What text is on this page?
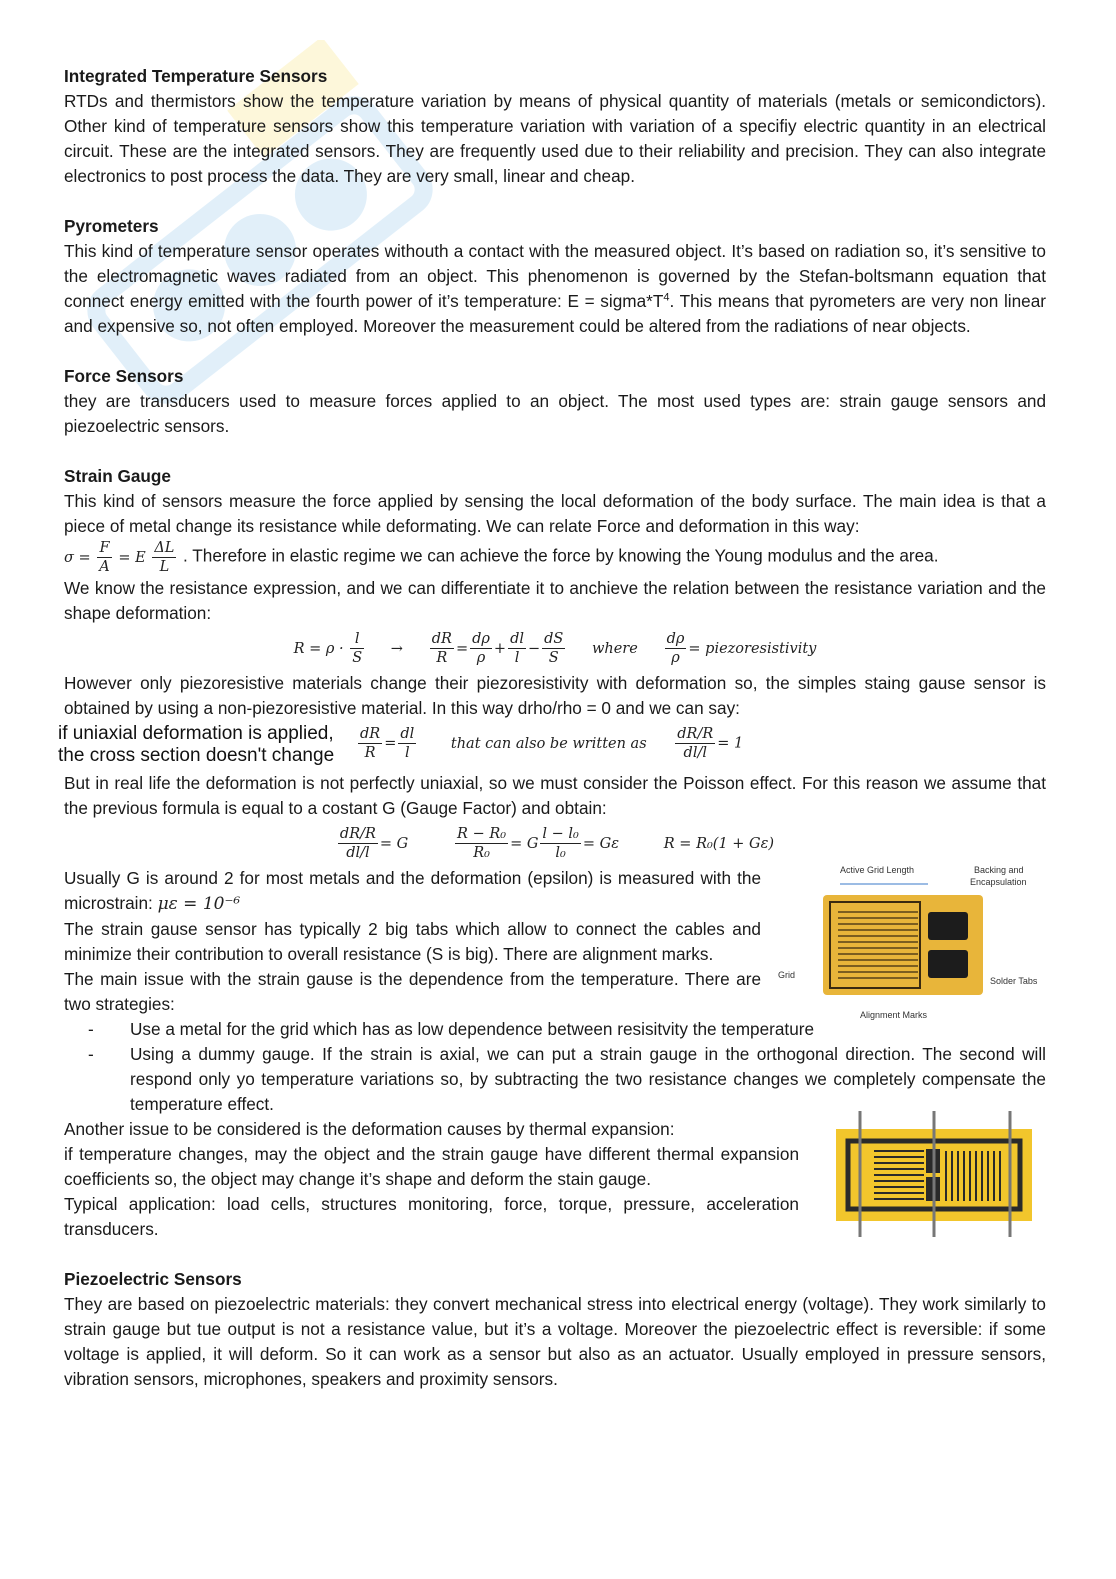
Integrated Temperature Sensors

RTDs and thermistors show the temperature variation by means of physical quantity of materials (metals or semicondictors). Other kind of temperature sensors show this temperature variation with variation of a specifiy electric quantity in an electrical circuit. These are the integrated sensors. They are frequently used due to their reliability and precision. They can also integrate electronics to post process the data. They are very small, linear and cheap.

Pyrometers

This kind of temperature sensor operates withouth a contact with the measured object. It’s based on radiation so, it’s sensitive to the electromagnetic waves radiated from an object. This phenomenon is governed by the Stefan-boltsmann equation that connect energy emitted with the fourth power of it’s temperature: $E = sigma*T^4$. This means that pyrometers are very non linear and expensive so, not often employed. Moreover the measurement could be altered from the radiations of near objects.

Force Sensors

they are transducers used to measure forces applied to an object. The most used types are: strain gauge sensors and piezoelectric sensors.

Strain Gauge

This kind of sensors measure the force applied by sensing the local deformation of the body surface. The main idea is that a piece of metal change its resistance while deformating. We can relate Force and deformation in this way:

$\sigma = \frac{F}{A} = E \frac{\Delta L}{L}$ . Therefore in elastic regime we can achieve the force by knowing the Young modulus and the area.

We know the resistance expression, and we can differentiate it to anchieve the relation between the resistance variation and the shape deformation:

$R = \rho \cdot \frac{l}{S} \to \frac{dR}{R} = \frac{d\rho}{\rho} + \frac{dl}{l} - \frac{dS}{S}$ where $\frac{d\rho}{\rho}$ = piezoresistivity

However only piezoresistive materials change their piezoresistivity with deformation so, the simples staing gause sensor is obtained by using a non-piezoresistive material. In this way drho/rho = 0 and we can say:

if uniaxial deformation is applied,
the cross section doesn't change	$\frac{dR}{R} = \frac{dl}{l}$ that can also be written as $\frac{dR/R}{dl/l} = 1$

But in real life the deformation is not perfectly uniaxial, so we must consider the Poisson effect. For this reason we assume that the previous formula is equal to a costant G (Gauge Factor) and obtain:

$\frac{dR/R}{dl/l} = G$	$\frac{\text{R − R₀}}{\text{R₀}} = G \frac{\text{l − l₀}}{\text{l₀}} = G\varepsilon$	R = R₀(1 + Gε)
Active Grid Length	Backing and
Encapsulation
Grid
Solder Tabs
Alignment Marks

Usually G is around 2 for most metals and the deformation (epsilon) is measured with the microstrain: με = 10⁻⁶

The strain gause sensor has typically 2 big tabs which allow to connect the cables and minimize their contribution to overall resistance (S is big). There are alignment marks.

The main issue with the strain gause is the dependence from the temperature. There are two strategies:

- Use a metal for the grid which has as low dependence between resisitvity the temperature
- Using a dummy gauge. If the strain is axial, we can put a strain gauge in the orthogonal direction. The second will respond only yo temperature variations so, by subtracting the two resistance changes we completely compensate the temperature effect.

Another issue to be considered is the deformation causes by thermal expansion:

if temperature changes, may the object and the strain gauge have different thermal expansion coefficients so, the object may change it’s shape and deform the stain gauge.

Typical application: load cells, structures monitoring, force, torque, pressure, acceleration transducers.

Piezoelectric Sensors

They are based on piezoelectric materials: they convert mechanical stress into electrical energy (voltage). They work similarly to strain gauge but tue output is not a resistance value, but it’s a voltage. Moreover the piezoelectric effect is reversible: if some voltage is applied, it will deform. So it can work as a sensor but also as an actuator. Usually employed in pressure sensors, vibration sensors, microphones, speakers and proximity sensors.
